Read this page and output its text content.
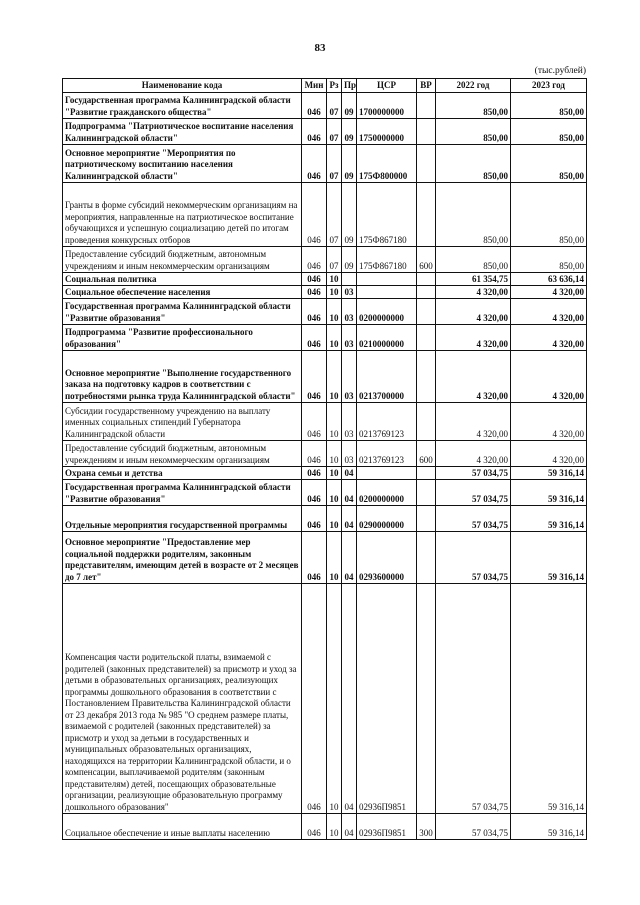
83
(тыс.рублей)
Наименование кода	Мин	Рз	Пр	ЦСР	ВР	2022 год	2023 год
Государственная программа Калининградской области "Развитие гражданского общества"	046	07	09	1700000000		850,00	850,00
Подпрограмма "Патриотическое воспитание населения Калининградской области"	046	07	09	1750000000		850,00	850,00
Основное мероприятие "Мероприятия по патриотическому воспитанию населения Калининградской области"	046	07	09	175Ф800000		850,00	850,00
Гранты в форме субсидий некоммерческим организациям на мероприятия, направленные на патриотическое воспитание обучающихся и успешную социализацию детей по итогам проведения конкурсных отборов	046	07	09	175Ф867180		850,00	850,00
Предоставление субсидий бюджетным, автономным учреждениям и иным некоммерческим организациям	046	07	09	175Ф867180	600	850,00	850,00
Социальная политика	046	10				61 354,75	63 636,14
Социальное обеспечение населения	046	10	03			4 320,00	4 320,00
Государственная программа Калининградской области "Развитие образования"	046	10	03	0200000000		4 320,00	4 320,00
Подпрограмма "Развитие профессионального образования"	046	10	03	0210000000		4 320,00	4 320,00
Основное мероприятие "Выполнение государственного заказа на подготовку кадров в соответствии с потребностями рынка труда Калининградской области"	046	10	03	0213700000		4 320,00	4 320,00
Субсидии государственному учреждению на выплату именных социальных стипендий Губернатора Калининградской области	046	10	03	0213769123		4 320,00	4 320,00
Предоставление субсидий бюджетным, автономным учреждениям и иным некоммерческим организациям	046	10	03	0213769123	600	4 320,00	4 320,00
Охрана семьи и детства	046	10	04			57 034,75	59 316,14
Государственная программа Калининградской области "Развитие образования"	046	10	04	0200000000		57 034,75	59 316,14
Отдельные мероприятия государственной программы	046	10	04	0290000000		57 034,75	59 316,14
Основное мероприятие "Предоставление мер социальной поддержки родителям, законным представителям, имеющим детей в возрасте от 2 месяцев до 7 лет"	046	10	04	0293600000		57 034,75	59 316,14
Компенсация части родительской платы, взимаемой с родителей (законных представителей) за присмотр и уход за детьми в образовательных организациях, реализующих программы дошкольного образования в соответствии с Постановлением Правительства Калининградской области от 23 декабря 2013 года № 985 "О среднем размере платы, взимаемой с родителей (законных представителей) за присмотр и уход за детьми в государственных и муниципальных образовательных организациях, находящихся на территории Калининградской области, и о компенсации, выплачиваемой родителям (законным представителям) детей, посещающих образовательные организации, реализующие образовательную программу дошкольного образования"	046	10	04	02936П9851		57 034,75	59 316,14
Социальное обеспечение и иные выплаты населению	046	10	04	02936П9851	300	57 034,75	59 316,14
